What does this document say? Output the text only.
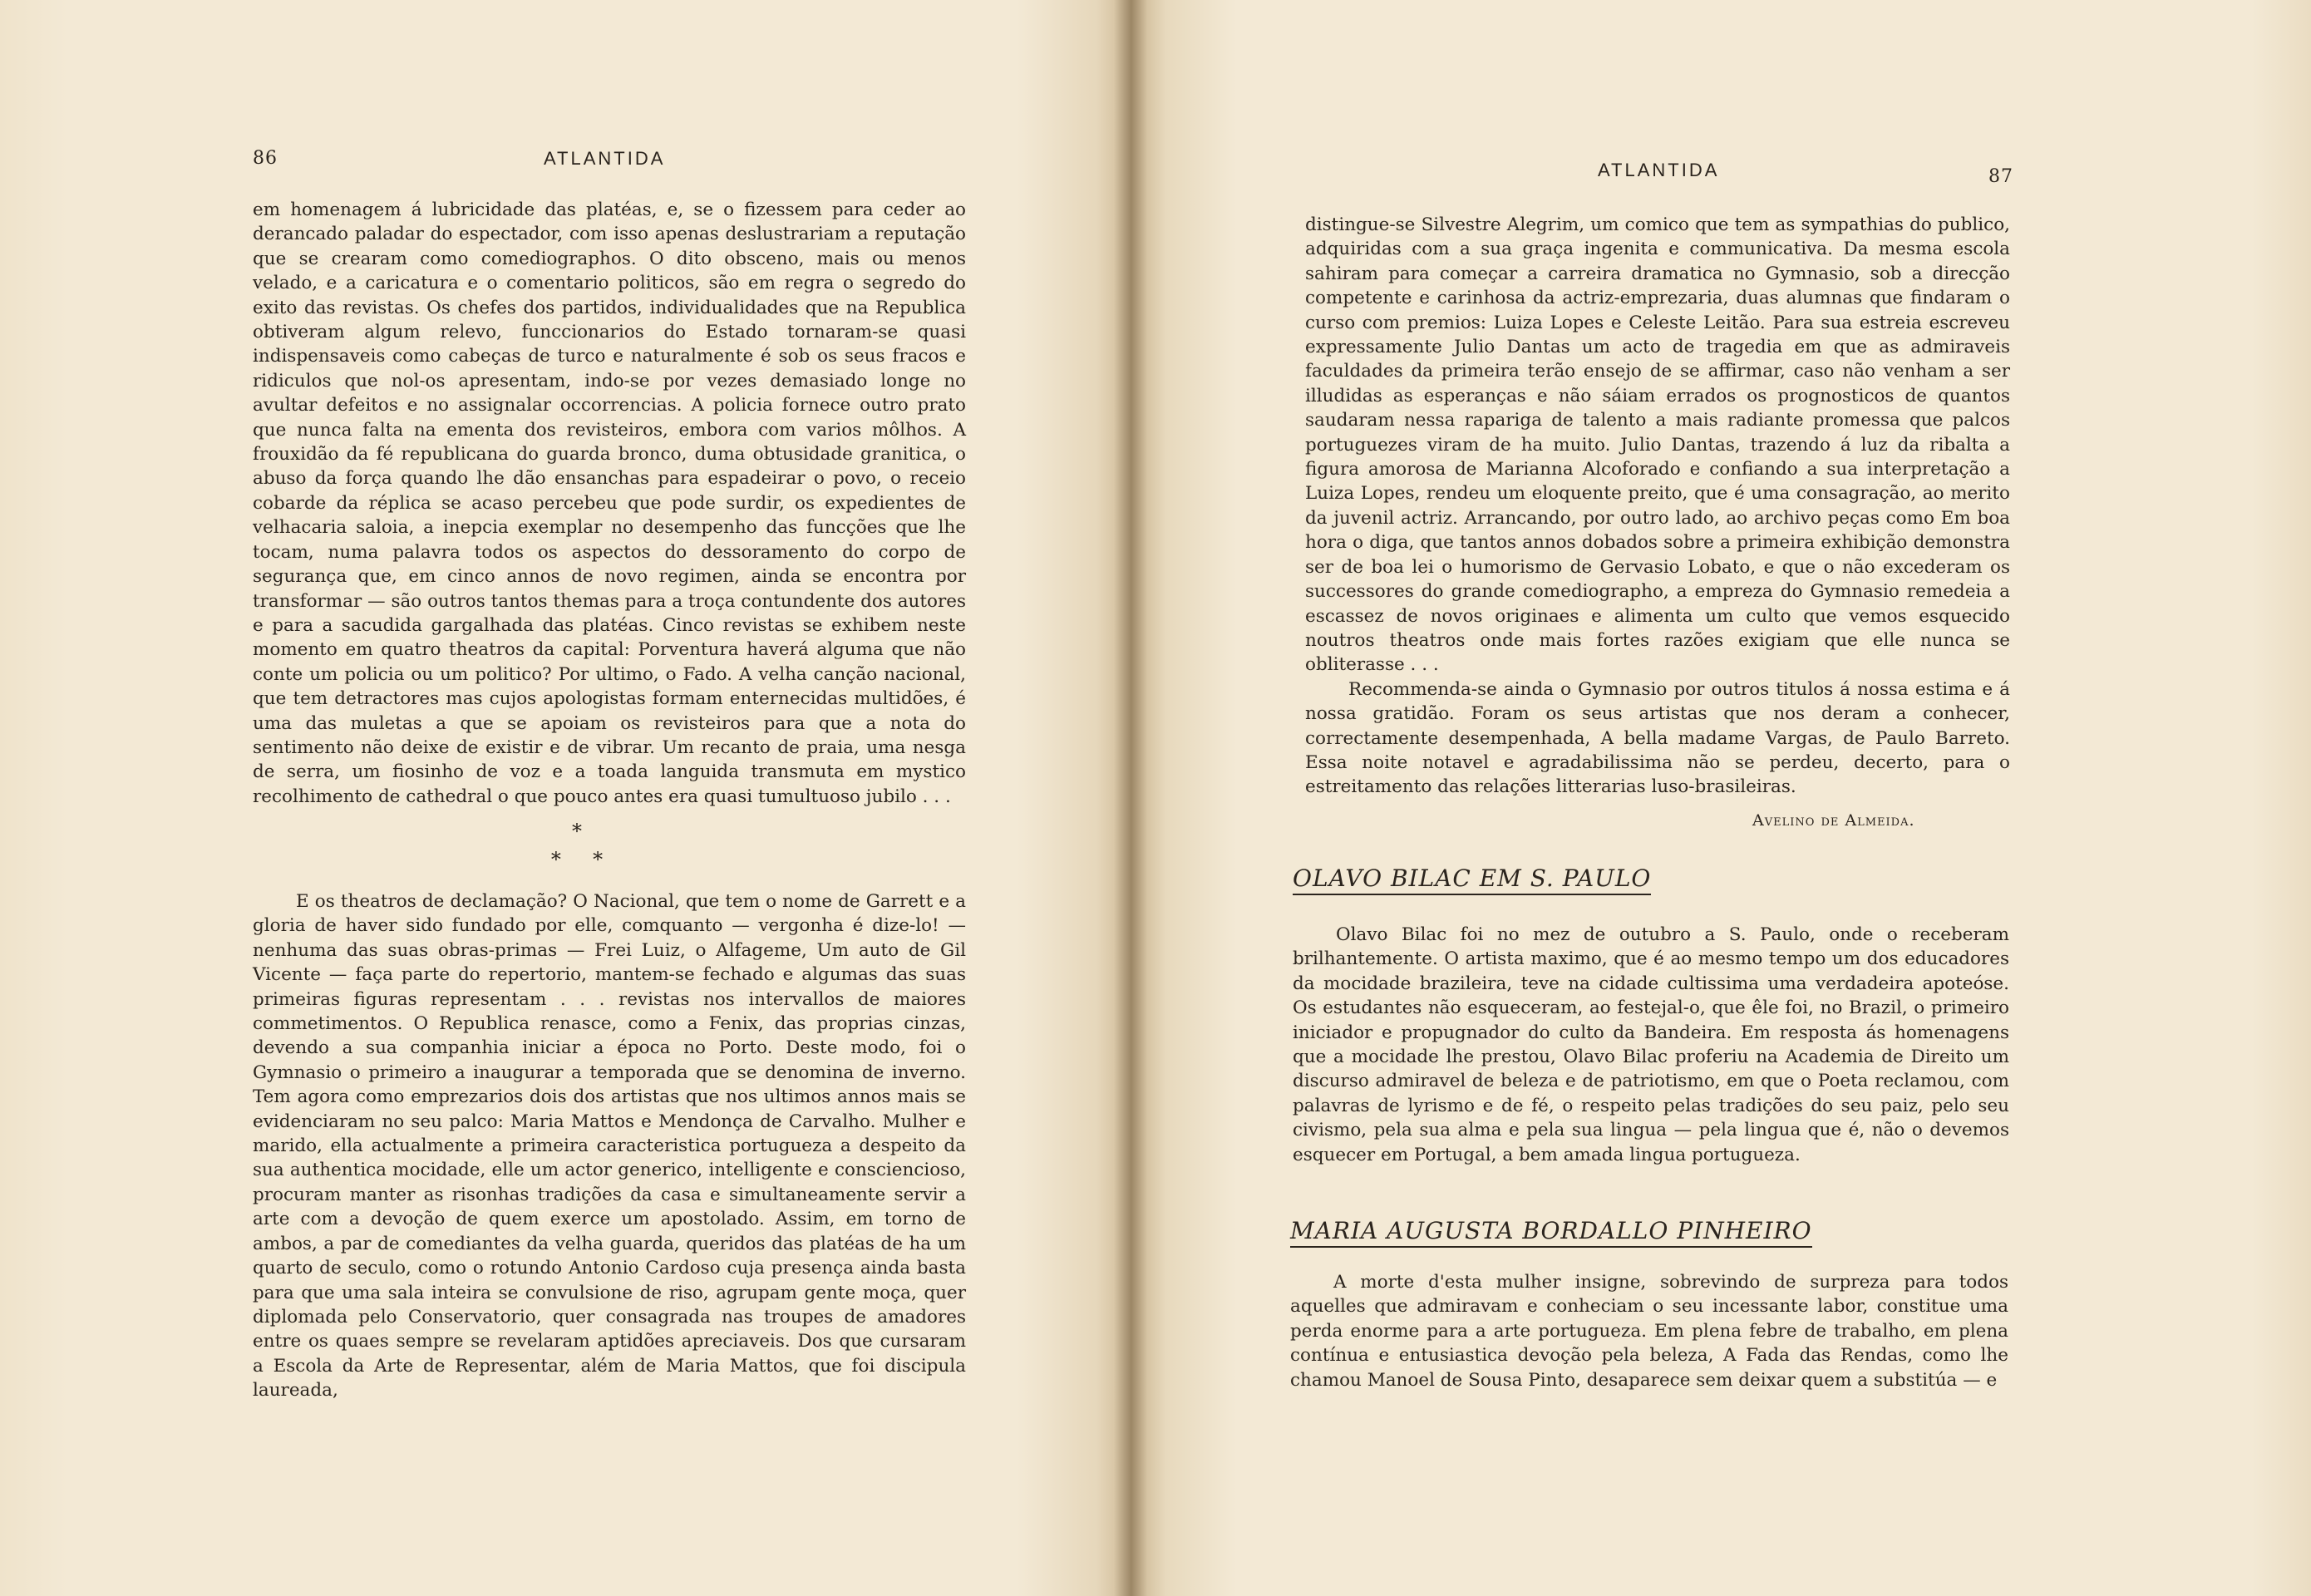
86	ATLANTIDA

em homenagem á lubricidade das platéas, e, se o fizessem para ceder ao derancado paladar do espectador, com isso apenas deslustrariam a reputação que se crearam como comediographos. O dito obsceno, mais ou menos velado, e a caricatura e o comentario politicos, são em regra o segredo do exito das revistas. Os chefes dos partidos, individualidades que na Republica obtiveram algum relevo, funccionarios do Estado tornaram-se quasi indispensaveis como cabeças de turco e naturalmente é sob os seus fracos e ridiculos que nol-os apresentam, indo-se por vezes demasiado longe no avultar defeitos e no assignalar occorrencias. A policia fornece outro prato que nunca falta na ementa dos revisteiros, embora com varios môlhos. A frouxidão da fé republicana do guarda bronco, duma obtusidade granitica, o abuso da força quando lhe dão ensanchas para espadeirar o povo, o receio cobarde da réplica se acaso percebeu que pode surdir, os expedientes de velhacaria saloia, a inepcia exemplar no desempenho das funcções que lhe tocam, numa palavra todos os aspectos do dessoramento do corpo de segurança que, em cinco annos de novo regimen, ainda se encontra por transformar — são outros tantos themas para a troça contundente dos autores e para a sacudida gargalhada das platéas. Cinco revistas se exhibem neste momento em quatro theatros da capital: Porventura haverá alguma que não conte um policia ou um politico? Por ultimo, o Fado. A velha canção nacional, que tem detractores mas cujos apologistas formam enternecidas multidões, é uma das muletas a que se apoiam os revisteiros para que a nota do sentimento não deixe de existir e de vibrar. Um recanto de praia, uma nesga de serra, um fiosinho de voz e a toada languida transmuta em mystico recolhimento de cathedral o que pouco antes era quasi tumultuoso jubilo . . .

*
*     *

E os theatros de declamação? O Nacional, que tem o nome de Garrett e a gloria de haver sido fundado por elle, comquanto — vergonha é dize-lo! — nenhuma das suas obras-primas — Frei Luiz, o Alfageme, Um auto de Gil Vicente — faça parte do repertorio, mantem-se fechado e algumas das suas primeiras figuras representam . . . revistas nos intervallos de maiores commetimentos. O Republica renasce, como a Fenix, das proprias cinzas, devendo a sua companhia iniciar a época no Porto. Deste modo, foi o Gymnasio o primeiro a inaugurar a temporada que se denomina de inverno. Tem agora como emprezarios dois dos artistas que nos ultimos annos mais se evidenciaram no seu palco: Maria Mattos e Mendonça de Carvalho. Mulher e marido, ella actualmente a primeira caracteristica portugueza a despeito da sua authentica mocidade, elle um actor generico, intelligente e consciencioso, procuram manter as risonhas tradições da casa e simultaneamente servir a arte com a devoção de quem exerce um apostolado. Assim, em torno de ambos, a par de comediantes da velha guarda, queridos das platéas de ha um quarto de seculo, como o rotundo Antonio Cardoso cuja presença ainda basta para que uma sala inteira se convulsione de riso, agrupam gente moça, quer diplomada pelo Conservatorio, quer consagrada nas troupes de amadores entre os quaes sempre se revelaram aptidões apreciaveis. Dos que cursaram a Escola da Arte de Representar, além de Maria Mattos, que foi discipula laureada,

ATLANTIDA	87

distingue-se Silvestre Alegrim, um comico que tem as sympathias do publico, adquiridas com a sua graça ingenita e communicativa. Da mesma escola sahiram para começar a carreira dramatica no Gymnasio, sob a direcção competente e carinhosa da actriz-emprezaria, duas alumnas que findaram o curso com premios: Luiza Lopes e Celeste Leitão. Para sua estreia escreveu expressamente Julio Dantas um acto de tragedia em que as admiraveis faculdades da primeira terão ensejo de se affirmar, caso não venham a ser illudidas as esperanças e não sáiam errados os prognosticos de quantos saudaram nessa rapariga de talento a mais radiante promessa que palcos portuguezes viram de ha muito. Julio Dantas, trazendo á luz da ribalta a figura amorosa de Marianna Alcoforado e confiando a sua interpretação a Luiza Lopes, rendeu um eloquente preito, que é uma consagração, ao merito da juvenil actriz. Arrancando, por outro lado, ao archivo peças como Em boa hora o diga, que tantos annos dobados sobre a primeira exhibição demonstra ser de boa lei o humorismo de Gervasio Lobato, e que o não excederam os successores do grande comediographo, a empreza do Gymnasio remedeia a escassez de novos originaes e alimenta um culto que vemos esquecido noutros theatros onde mais fortes razões exigiam que elle nunca se obliterasse . . .

Recommenda-se ainda o Gymnasio por outros titulos á nossa estima e á nossa gratidão. Foram os seus artistas que nos deram a conhecer, correctamente desempenhada, A bella madame Vargas, de Paulo Barreto. Essa noite notavel e agradabilissima não se perdeu, decerto, para o estreitamento das relações litterarias luso-brasileiras.

Avelino de Almeida.
OLAVO BILAC EM S. PAULO

Olavo Bilac foi no mez de outubro a S. Paulo, onde o receberam brilhantemente. O artista maximo, que é ao mesmo tempo um dos educadores da mocidade brazileira, teve na cidade cultissima uma verdadeira apoteóse. Os estudantes não esqueceram, ao festejal-o, que êle foi, no Brazil, o primeiro iniciador e propugnador do culto da Bandeira. Em resposta ás homenagens que a mocidade lhe prestou, Olavo Bilac proferiu na Academia de Direito um discurso admiravel de beleza e de patriotismo, em que o Poeta reclamou, com palavras de lyrismo e de fé, o respeito pelas tradições do seu paiz, pelo seu civismo, pela sua alma e pela sua lingua — pela lingua que é, não o devemos esquecer em Portugal, a bem amada lingua portugueza.

MARIA AUGUSTA BORDALLO PINHEIRO

A morte d'esta mulher insigne, sobrevindo de surpreza para todos aquelles que admiravam e conheciam o seu incessante labor, constitue uma perda enorme para a arte portugueza. Em plena febre de trabalho, em plena contínua e entusiastica devoção pela beleza, A Fada das Rendas, como lhe chamou Manoel de Sousa Pinto, desaparece sem deixar quem a substitúa — e
